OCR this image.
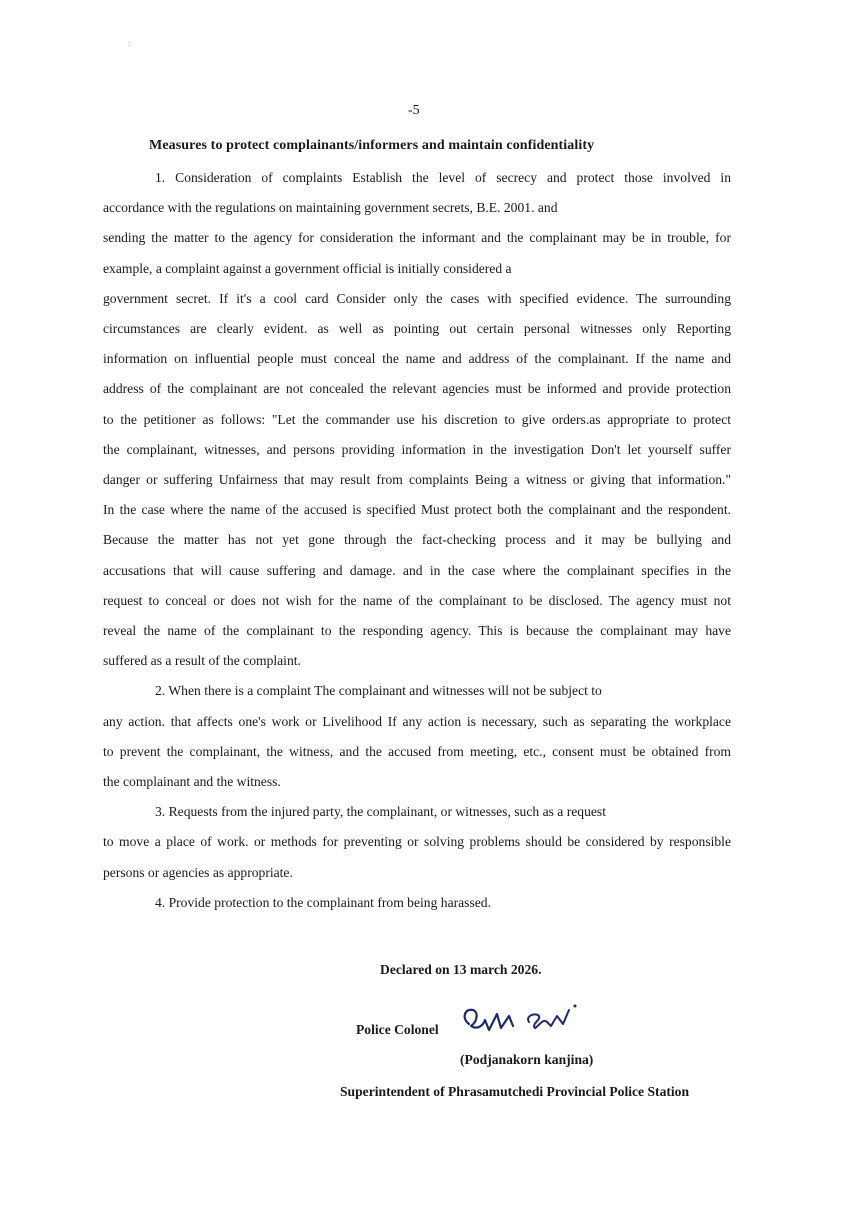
:
-5
Measures to protect complainants/informers and maintain confidentiality

1. Consideration of complaints Establish the level of secrecy and protect those involved in
accordance with the regulations on maintaining government secrets, B.E. 2001. and
sending the matter to the agency for consideration the informant and the complainant may be in trouble, for
example, a complaint against a government official is initially considered a
government secret. If it's a cool card Consider only the cases with specified evidence. The surrounding
circumstances are clearly evident. as well as pointing out certain personal witnesses only Reporting
information on influential people must conceal the name and address of the complainant. If the name and
address of the complainant are not concealed the relevant agencies must be informed and provide protection
to the petitioner as follows: "Let the commander use his discretion to give orders.as appropriate to protect
the complainant, witnesses, and persons providing information in the investigation Don't let yourself suffer
danger or suffering Unfairness that may result from complaints Being a witness or giving that information."
In the case where the name of the accused is specified Must protect both the complainant and the respondent.
Because the matter has not yet gone through the fact-checking process and it may be bullying and
accusations that will cause suffering and damage. and in the case where the complainant specifies in the
request to conceal or does not wish for the name of the complainant to be disclosed. The agency must not
reveal the name of the complainant to the responding agency. This is because the complainant may have
suffered as a result of the complaint.

2. When there is a complaint The complainant and witnesses will not be subject to
any action. that affects one's work or Livelihood If any action is necessary, such as separating the workplace
to prevent the complainant, the witness, and the accused from meeting, etc., consent must be obtained from
the complainant and the witness.

3. Requests from the injured party, the complainant, or witnesses, such as a request
to move a place of work. or methods for preventing or solving problems should be considered by responsible
persons or agencies as appropriate.

4. Provide protection to the complainant from being harassed.

Declared on 13 march 2026.
Police Colonel
(Podjanakorn kanjina)
Superintendent of Phrasamutchedi Provincial Police Station
